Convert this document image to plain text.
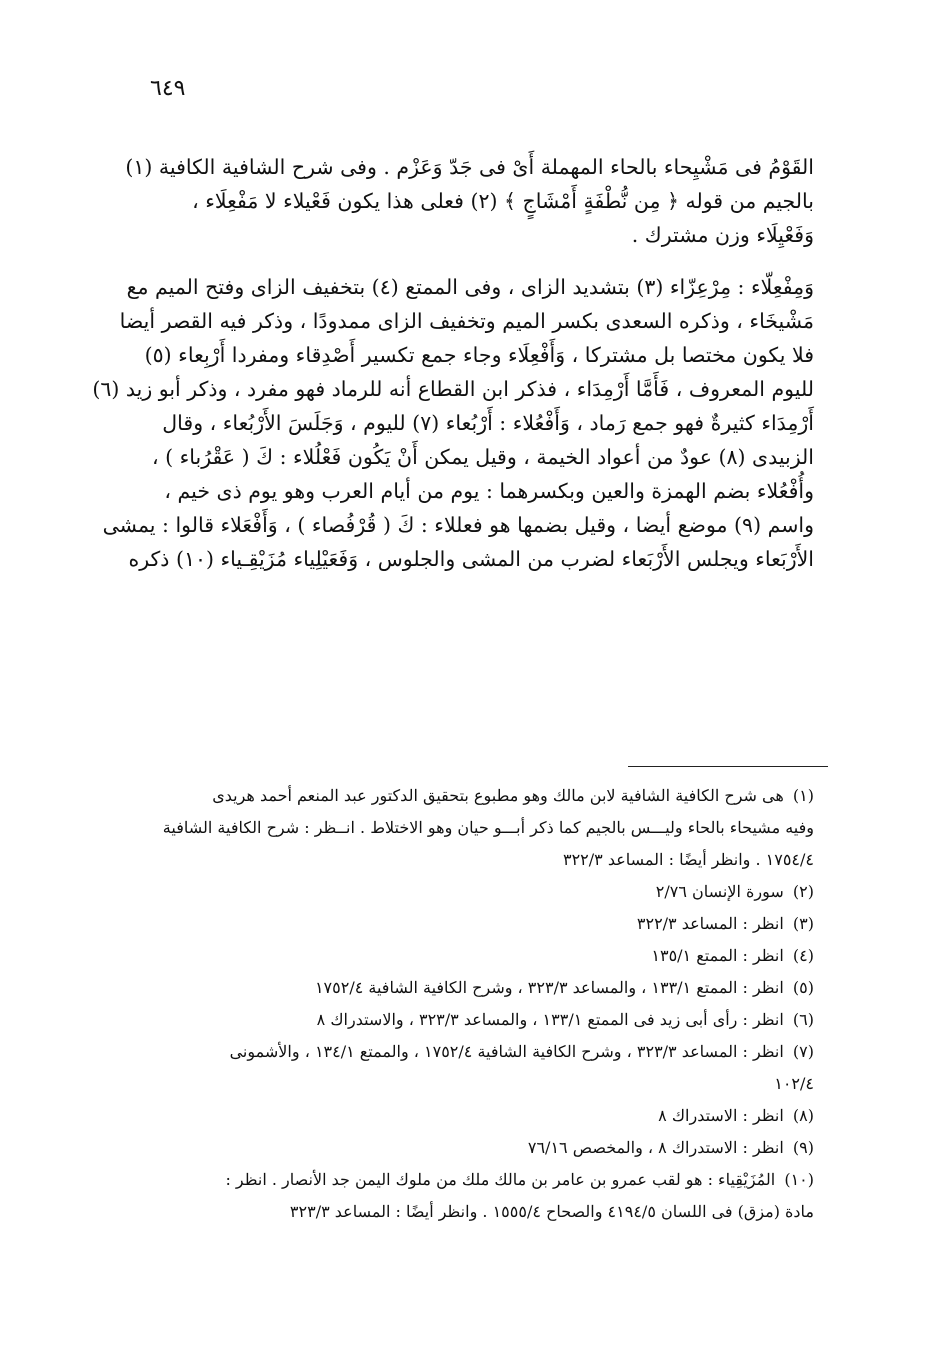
٦٤٩

القَوْمُ فى مَشْيِحاء بالحاء المهملة أَىْ فى جَدّ وَعَزْم . وفى شرح الشافية الكافية (١)
بالجيم من قوله ﴿ مِن نُّطْفَةٍ أَمْشَاجٍ ﴾ (٢) فعلى هذا يكون فَعْيلاء لا مَفْعِلَاء ،
وَفَعْيِلَاء وزن مشترك .

وَمِفْعِلّاء : مِرْعِزّاء (٣) بتشديد الزاى ، وفى الممتع (٤) بتخفيف الزاى وفتح الميم مع
مَشْيخَاء ، وذكره السعدى بكسر الميم وتخفيف الزاى ممدودًا ، وذكر فيه القصر أيضا
فلا يكون مختصا بل مشتركا ، وَأَفْعِلَاء وجاء جمع تكسير أَصْدِقاء ومفردا أَرْبِعاء (٥)
لليوم المعروف ، فَأَمَّا أَرْمِدَاء ، فذكر ابن القطاع أنه للرماد فهو مفرد ، وذكر أبو زيد (٦)
أَرْمِدَاء كثيرةٌ فهو جمع رَماد ، وَأَفْعُلاء : أَرْبُعاء (٧) لليوم ، وَجَلَسَ الأَرْبُعاء ، وقال
الزبيدى (٨) عودٌ من أعواد الخيمة ، وقيل يمكن أَنْ يَكُون فَعْلُلاء : كَ ( عَقْرُباء ) ،
وأُفْعُلاء بضم الهمزة والعين وبكسرهما : يوم من أيام العرب وهو يوم ذى خيم ،
واسم (٩) موضع أيضا ، وقيل بضمها هو فعللاء : كَ ( قُرْفُصاء ) ، وَأَفْعَلاء قالوا : يمشى
الأَرْبَعاء ويجلس الأَرْبَعاء لضرب من المشى والجلوس ، وَفَعَيْلِياء مُزَيْقِـياء (١٠) ذكره

(١) هى شرح الكافية الشافية لابن مالك وهو مطبوع بتحقيق الدكتور عبد المنعم أحمد هريدى
وفيه مشيحاء بالحاء وليـــس بالجيم كما ذكر أبـــو حيان وهو الاختلاط . انــظر : شرح الكافية الشافية
١٧٥٤/٤ . وانظر أيضًا : المساعد ٣٢٢/٣
(٢) سورة الإنسان ٢/٧٦
(٣) انظر : المساعد ٣٢٢/٣
(٤) انظر : الممتع ١٣٥/١
(٥) انظر : الممتع ١٣٣/١ ، والمساعد ٣٢٣/٣ ، وشرح الكافية الشافية ١٧٥٢/٤
(٦) انظر : رأى أبى زيد فى الممتع ١٣٣/١ ، والمساعد ٣٢٣/٣ ، والاستدراك ٨
(٧) انظر : المساعد ٣٢٣/٣ ، وشرح الكافية الشافية ١٧٥٢/٤ ، والممتع ١٣٤/١ ، والأشمونى
١٠٢/٤
(٨) انظر : الاستدراك ٨
(٩) انظر : الاستدراك ٨ ، والمخصص ٧٦/١٦
(١٠) المُزَيْقِياء : هو لقب عمرو بن عامر بن مالك ملك من ملوك اليمن جد الأنصار . انظر :
مادة (مزق) فى اللسان ٤١٩٤/٥ والصحاح ١٥٥٥/٤ . وانظر أيضًا : المساعد ٣٢٣/٣
